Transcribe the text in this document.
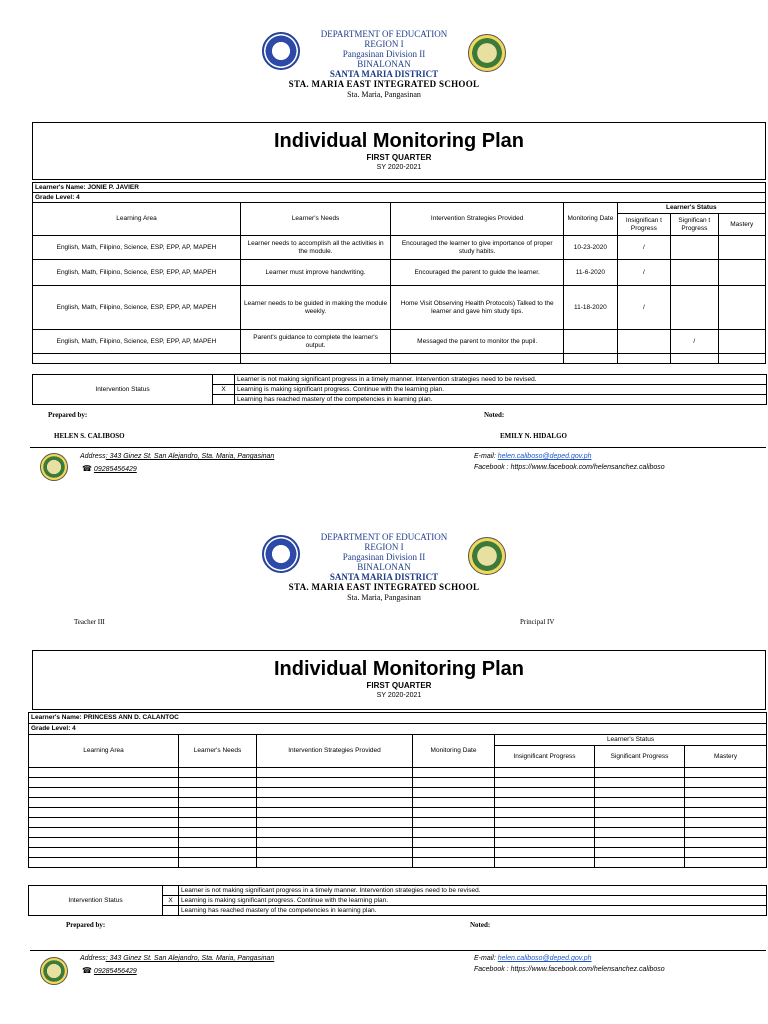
DEPARTMENT OF EDUCATION
REGION I
Pangasinan Division II
BINALONAN
SANTA MARIA DISTRICT
STA. MARIA EAST INTEGRATED SCHOOL
Sta. Maria, Pangasinan
Individual Monitoring Plan
FIRST QUARTER
SY 2020-2021
Learner's Name: JONIE P. JAVIER						
Grade Level: 4						
Learning Area	Learner's Needs	Intervention Strategies Provided	Monitoring Date	Learner's Status		
				Insignifican t Progress	Significan t Progress	Mastery
English, Math, Filipino, Science, ESP, EPP, AP, MAPEH	Learner needs to accomplish all the activities in the module.	Encouraged the learner to give importance of proper study habits.	10-23-2020	/		
English, Math, Filipino, Science, ESP, EPP, AP, MAPEH	Learner must improve handwriting.	Encouraged the parent to guide the learner.	11-6-2020	/		
English, Math, Filipino, Science, ESP, EPP, AP, MAPEH	Learner needs to be guided in making the module weekly.	Home Visit Observing Health Protocols) Talked to the learner and gave him study tips.	11-18-2020	/		
English, Math, Filipino, Science, ESP, EPP, AP, MAPEH	Parent's guidance to complete the learner's output.	Messaged the parent to monitor the pupil.			/	

Intervention Status		Learner is not making significant progress in a timely manner. Intervention strategies need to be revised.
	X	Learning is making significant progress. Continue with the learning plan.
		Learning has reached mastery of the competencies in learning plan.
Prepared by:	Noted:
HELEN S. CALIBOSO	EMILY N. HIDALGO
Address: 343 Ginez St. San Alejandro, Sta. Maria, Pangasinan
☎ 09285456429
E-mail: helen.caliboso@deped.gov.ph
Facebook : https://www.facebook.com/helensanchez.caliboso
DEPARTMENT OF EDUCATION
REGION I
Pangasinan Division II
BINALONAN
SANTA MARIA DISTRICT
STA. MARIA EAST INTEGRATED SCHOOL
Sta. Maria, Pangasinan
Teacher III	Principal IV
Individual Monitoring Plan
FIRST QUARTER
SY 2020-2021
Learner's Name: PRINCESS ANN D. CALANTOC						
Grade Level: 4						
Learning Area	Learner's Needs	Intervention Strategies Provided	Monitoring Date	Learner's Status		
				Insignificant Progress	Significant Progress	Mastery

Intervention Status		Learner is not making significant progress in a timely manner. Intervention strategies need to be revised.
	X	Learning is making significant progress. Continue with the learning plan.
		Learning has reached mastery of the competencies in learning plan.
Prepared by:	Noted:
Address: 343 Ginez St. San Alejandro, Sta. Maria, Pangasinan
☎ 09285456429
E-mail: helen.caliboso@deped.gov.ph
Facebook : https://www.facebook.com/helensanchez.caliboso
